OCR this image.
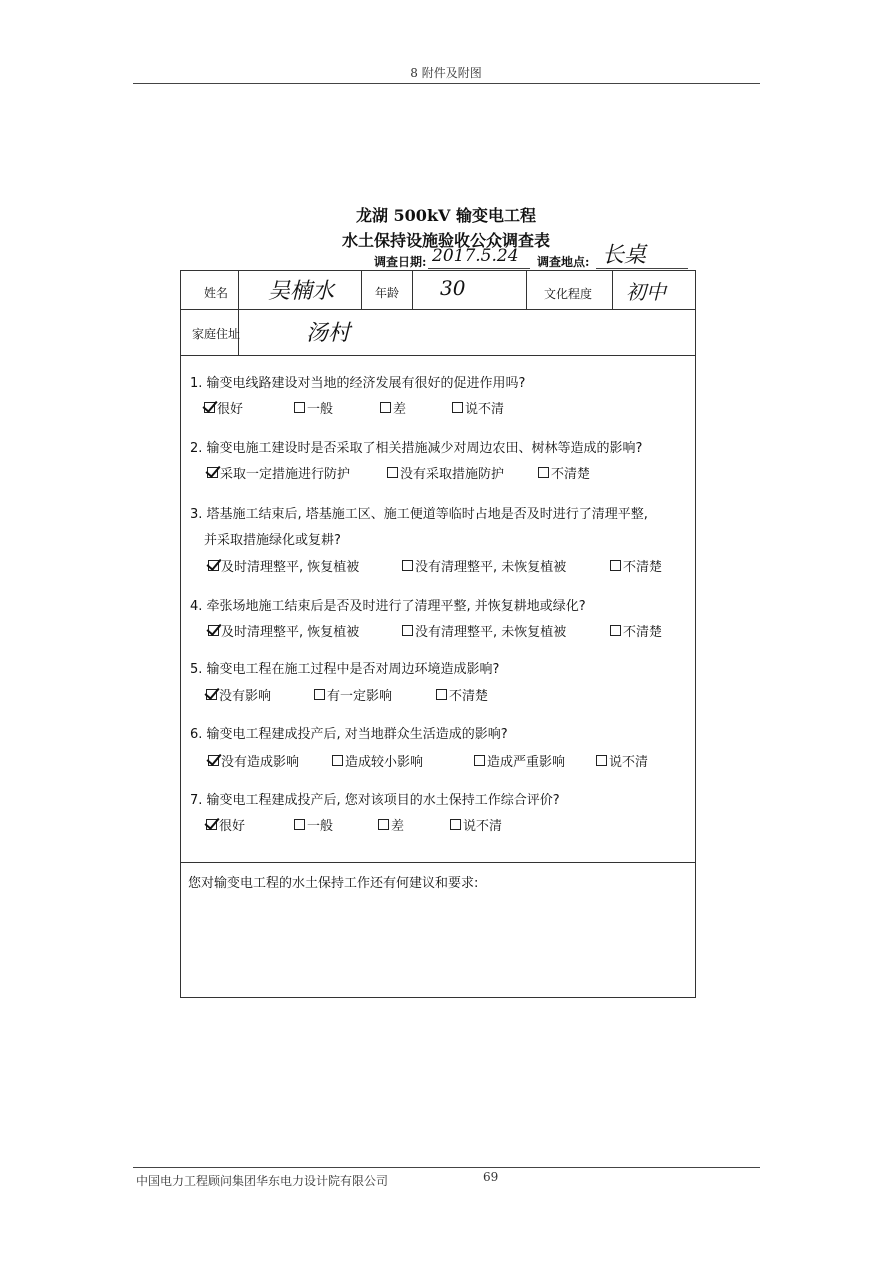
8 附件及附图
龙湖 500kV 输变电工程
水土保持设施验收公众调查表
调查日期: 2017.5.24 调查地点: 长桌
姓名 吴楠水	年龄 30	文化程度 初中
家庭住址	汤村
1. 输变电线路建设对当地的经济发展有很好的促进作用吗?
很好	一般	差	说不清
2. 输变电施工建设时是否采取了相关措施减少对周边农田、树林等造成的影响?
采取一定措施进行防护	没有采取措施防护	不清楚
3. 塔基施工结束后, 塔基施工区、施工便道等临时占地是否及时进行了清理平整,
并采取措施绿化或复耕?
及时清理整平, 恢复植被	没有清理整平, 未恢复植被	不清楚
4. 牵张场地施工结束后是否及时进行了清理平整, 并恢复耕地或绿化?
及时清理整平, 恢复植被	没有清理整平, 未恢复植被	不清楚
5. 输变电工程在施工过程中是否对周边环境造成影响?
没有影响	有一定影响	不清楚
6. 输变电工程建成投产后, 对当地群众生活造成的影响?
没有造成影响	造成较小影响	造成严重影响	说不清
7. 输变电工程建成投产后, 您对该项目的水土保持工作综合评价?
很好	一般	差	说不清
您对输变电工程的水土保持工作还有何建议和要求:
中国电力工程顾问集团华东电力设计院有限公司	69
